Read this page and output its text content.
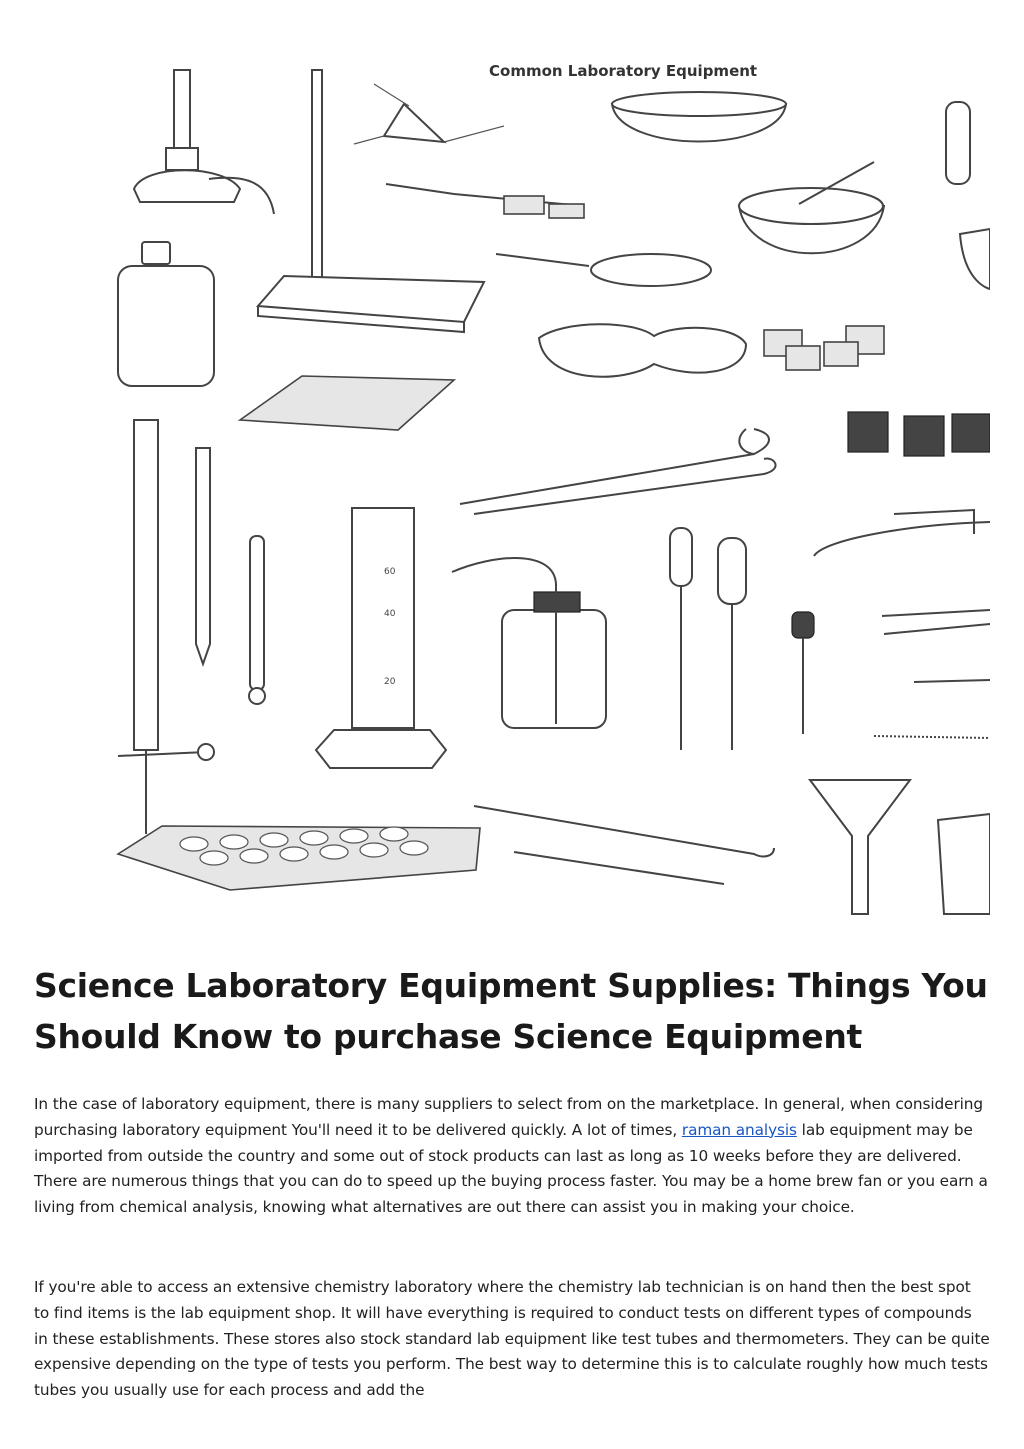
Common Laboratory Equipment
60
40
20
Science Laboratory Equipment Supplies: Things You Should Know to purchase Science Equipment

In the case of laboratory equipment, there is many suppliers to select from on the marketplace. In general, when considering purchasing laboratory equipment You'll need it to be delivered quickly. A lot of times, raman analysis lab equipment may be imported from outside the country and some out of stock products can last as long as 10 weeks before they are delivered. There are numerous things that you can do to speed up the buying process faster. You may be a home brew fan or you earn a living from chemical analysis, knowing what alternatives are out there can assist you in making your choice.

If you're able to access an extensive chemistry laboratory where the chemistry lab technician is on hand then the best spot to find items is the lab equipment shop. It will have everything is required to conduct tests on different types of compounds in these establishments. These stores also stock standard lab equipment like test tubes and thermometers. They can be quite expensive depending on the type of tests you perform. The best way to determine this is to calculate roughly how much tests tubes you usually use for each process and add the
